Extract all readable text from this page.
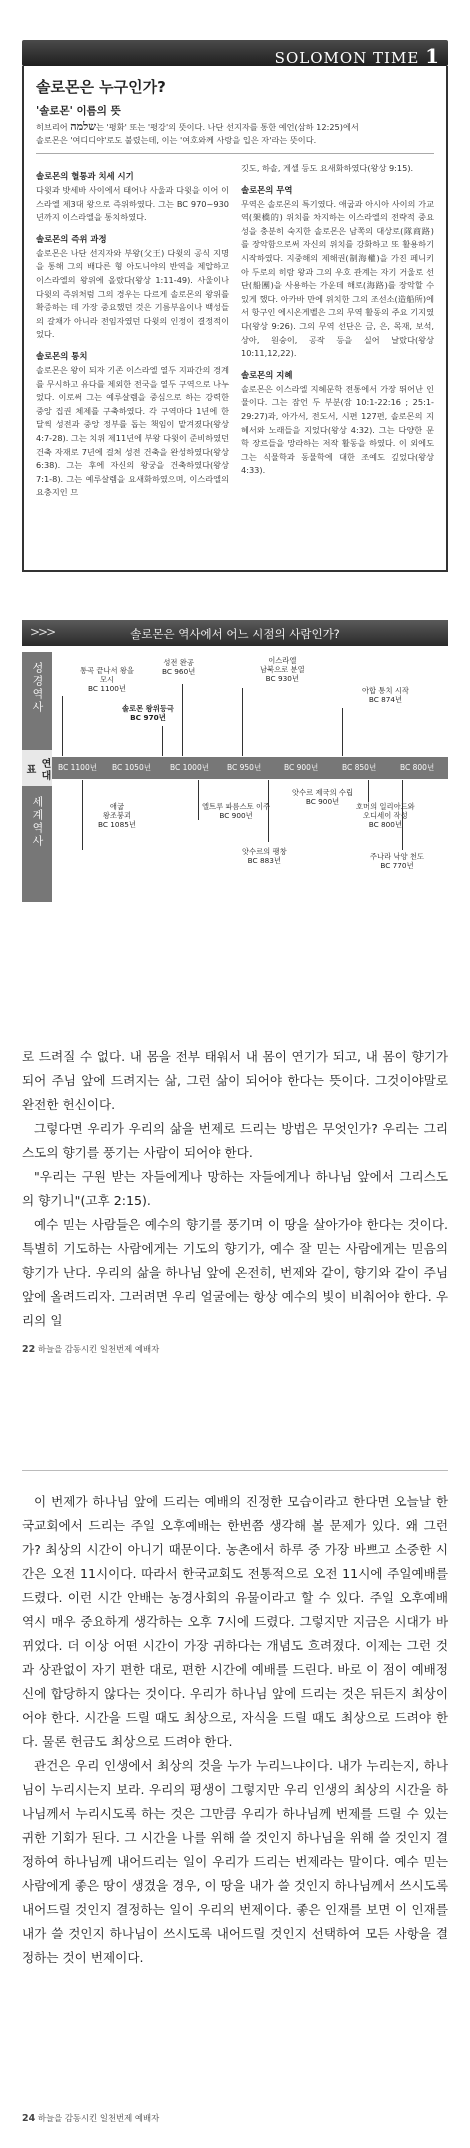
SOLOMON TIME 1
솔로몬은 누구인가?
'솔로몬' 이름의 뜻
히브리어 שלמה는 '평화' 또는 '평강'의 뜻이다. 나단 선지자를 통한 예언(삼하 12:25)에서
솔로몬은 '여디디야'로도 불렸는데, 이는 '여호와께 사랑을 입은 자'라는 뜻이다.
솔로몬의 혈통과 치세 시기
다윗과 밧세바 사이에서 태어나 사울과 다윗을 이어 이스라엘 제3대 왕으로 즉위하였다. 그는 BC 970~930년까지 이스라엘을 통치하였다.
솔로몬의 즉위 과정
솔로몬은 나단 선지자와 부왕(父王) 다윗의 공식 지명을 통해 그의 배다른 형 아도니야의 반역을 제압하고 이스라엘의 왕위에 올랐다(왕상 1:11-49). 사울이나 다윗의 즉위처럼 그의 경우는 다르게 솔로몬의 왕위를 확증하는 데 가장 중요했던 것은 기름부음이나 백성들의 갈채가 아니라 전임자였던 다윗의 인정이 결정적이었다.
솔로몬의 통치
솔로몬은 왕이 되자 기존 이스라엘 열두 지파간의 경계를 무시하고 유다를 제외한 전국을 열두 구역으로 나누었다. 이로써 그는 예루살렘을 중심으로 하는 강력한 중앙 집권 체제를 구축하였다. 각 구역마다 1년에 한 달씩 성전과 중앙 정부를 돕는 책임이 맡겨졌다(왕상 4:7-28). 그는 치위 제11년에 부왕 다윗이 준비하였던 건축 자재로 7년에 걸쳐 성전 건축을 완성하였다(왕상 6:38). 그는 후에 자신의 왕궁을 건축하였다(왕상 7:1-8). 그는 예루살렘을 요새화하였으며, 이스라엘의 요충지인 므
깃도, 하솔, 게셀 등도 요새화하였다(왕상 9:15).
솔로몬의 무역
무역은 솔로몬의 특기였다. 애굽과 아시아 사이의 가교역(架橋的) 위치를 차지하는 이스라엘의 전략적 중요성을 충분히 숙지한 솔로몬은 남쪽의 대상로(隊商路)를 장악함으로써 자신의 위치를 강화하고 또 활용하기 시작하였다. 지중해의 제해권(制海權)을 가진 페니키아 두로의 히람 왕과 그의 우호 관계는 자기 거울로 선단(船團)을 사용하는 가운데 해로(海路)를 장악할 수 있게 했다. 아카바 만에 위치한 그의 조선소(造船所)에서 항구인 에시온게벨은 그의 무역 활동의 주요 기지였다(왕상 9:26). 그의 무역 선단은 금, 은, 목재, 보석, 상아, 원숭이, 공작 등을 실어 날랐다(왕상 10:11,12,22).
솔로몬의 지혜
솔로몬은 이스라엘 지혜문학 전통에서 가장 뛰어난 인물이다. 그는 잠언 두 부분(잠 10:1-22:16 ; 25:1-29:27)과, 아가서, 전도서, 시편 127편, 솔로몬의 지혜서와 노래들을 지었다(왕상 4:32). 그는 다양한 문학 장르들을 망라하는 저작 활동을 하였다. 이 외에도 그는 식물학과 동물학에 대한 조예도 깊었다(왕상 4:33).
>>>	솔로몬은 역사에서 어느 시점의 사람인가?
성경역사
연대표
세계역사
BC 1100년 BC 1050년	BC 1000년 BC 950년	BC 900년	BC 850년	BC 800년
통곡 끝나서 왕을
모시
BC 1100년
성전 완공
BC 960년
솔로몬 왕위등극
BC 970년
이스라엘
남북으로 분열
BC 930년
아합 통치 시작
BC 874년
애굽
왕조붕괴
BC 1085년
앗수르 제국의 수립
BC 900년
엘트루 파름스토 이주
BC 900년
앗수르의 팽창
BC 883년
호머의 일리아드와
오디세이 작성
BC 800년
주나라 낙양 천도
BC 770년

로 드려질 수 없다. 내 몸을 전부 태워서 내 몸이 연기가 되고, 내 몸이 향기가 되어 주님 앞에 드려지는 삶, 그런 삶이 되어야 한다는 뜻이다. 그것이야말로 완전한 헌신이다.

그렇다면 우리가 우리의 삶을 번제로 드리는 방법은 무엇인가? 우리는 그리스도의 향기를 풍기는 사람이 되어야 한다.

"우리는 구원 받는 자들에게나 망하는 자들에게나 하나님 앞에서 그리스도의 향기니"(고후 2:15).

예수 믿는 사람들은 예수의 향기를 풍기며 이 땅을 살아가야 한다는 것이다. 특별히 기도하는 사람에게는 기도의 향기가, 예수 잘 믿는 사람에게는 믿음의 향기가 난다. 우리의 삶을 하나님 앞에 온전히, 번제와 같이, 향기와 같이 주님 앞에 올려드리자. 그러려면 우리 얼굴에는 항상 예수의 빛이 비춰어야 한다. 우리의 일

22 하늘을 감동시킨 일천번제 예배자

이 번제가 하나님 앞에 드리는 예배의 진정한 모습이라고 한다면 오늘날 한국교회에서 드리는 주일 오후예배는 한번쯤 생각해 볼 문제가 있다. 왜 그런가? 최상의 시간이 아니기 때문이다. 농촌에서 하루 중 가장 바쁘고 소중한 시간은 오전 11시이다. 따라서 한국교회도 전통적으로 오전 11시에 주일예배를 드렸다. 이런 시간 안배는 농경사회의 유물이라고 할 수 있다. 주일 오후예배 역시 매우 중요하게 생각하는 오후 7시에 드렸다. 그렇지만 지금은 시대가 바뀌었다. 더 이상 어떤 시간이 가장 귀하다는 개념도 흐려졌다. 이제는 그런 것과 상관없이 자기 편한 대로, 편한 시간에 예배를 드린다. 바로 이 점이 예배정신에 합당하지 않다는 것이다. 우리가 하나님 앞에 드리는 것은 뒤든지 최상이어야 한다. 시간을 드릴 때도 최상으로, 자식을 드릴 때도 최상으로 드려야 한다. 물론 헌금도 최상으로 드려야 한다.

관건은 우리 인생에서 최상의 것을 누가 누리느냐이다. 내가 누리는지, 하나님이 누리시는지 보라. 우리의 평생이 그렇지만 우리 인생의 최상의 시간을 하나님께서 누리시도록 하는 것은 그만큼 우리가 하나님께 번제를 드릴 수 있는 귀한 기회가 된다. 그 시간을 나를 위해 쓸 것인지 하나님을 위해 쓸 것인지 결정하여 하나님께 내어드리는 일이 우리가 드리는 번제라는 말이다. 예수 믿는 사람에게 좋은 땅이 생겼을 경우, 이 땅을 내가 쓸 것인지 하나님께서 쓰시도록 내어드릴 것인지 결정하는 일이 우리의 번제이다. 좋은 인재를 보면 이 인재를 내가 쓸 것인지 하나님이 쓰시도록 내어드릴 것인지 선택하여 모든 사항을 결정하는 것이 번제이다.

24 하늘을 감동시킨 일천번제 예배자
